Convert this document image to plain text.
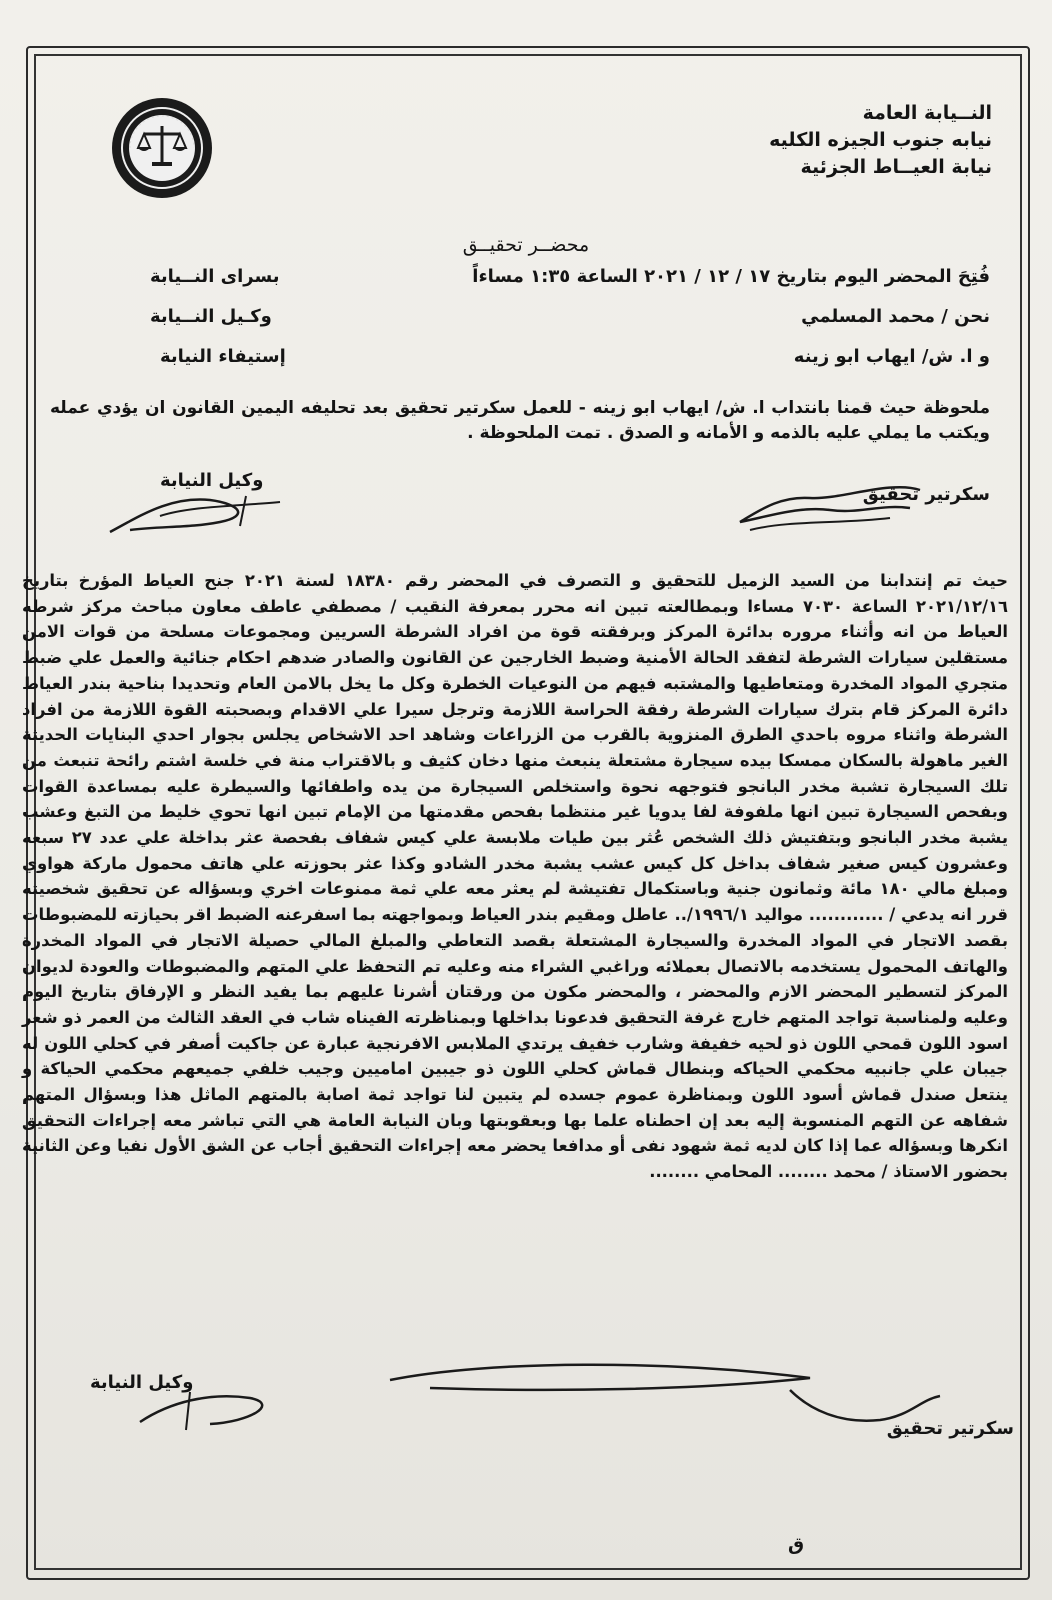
النــيابة العامة
نيابه جنوب الجيزه الكليه
نيابة العيــاط الجزئية
محضــر تحقيــق
فُتِحَ المحضر اليوم بتاريخ ١٧ / ١٢ / ٢٠٢١ الساعة ١:٣٥ مساءاً
بسراى النــيابة
نحن / محمد المسلمي
وكـيل النــيابة
و ا. ش/ ايهاب ابو زينه
إستيفاء النيابة
ملحوظة حيث قمنا بانتداب ا. ش/ ايهاب ابو زينه - للعمل سكرتير تحقيق بعد تحليفه اليمين القانون ان يؤدي عمله ويكتب ما يملي عليه بالذمه و الأمانه و الصدق . تمت الملحوظة .
سكرتير تحقيق
وكيل النيابة

حيث تم إنتدابنا من السيد الزميل للتحقيق و التصرف في المحضر رقم ١٨٣٨٠ لسنة ٢٠٢١ جنح العياط المؤرخ بتاريخ ٢٠٢١/١٢/١٦ الساعة ٧٠٣٠ مساءا وبمطالعته تبين انه محرر بمعرفة النقيب / مصطفي عاطف معاون مباحث مركز شرطه العياط من انه وأثناء مروره بدائرة المركز وبرفقته قوة من افراد الشرطة السريين ومجموعات مسلحة من قوات الامن مستقلين سيارات الشرطة لتفقد الحالة الأمنية وضبط الخارجين عن القانون والصادر ضدهم احكام جنائية والعمل علي ضبط متجري المواد المخدرة ومتعاطيها والمشتبه فيهم من النوعيات الخطرة وكل ما يخل بالامن العام وتحديدا بناحية بندر العياط دائرة المركز قام بترك سيارات الشرطة رفقة الحراسة اللازمة وترجل سيرا علي الاقدام وبصحبته القوة اللازمة من افراد الشرطة واثناء مروه باحدي الطرق المنزوية بالقرب من الزراعات وشاهد احد الاشخاص يجلس بجوار احدي البنايات الحديثة الغير ماهولة بالسكان ممسكا بيده سيجارة مشتعلة ينبعث منها دخان كثيف و بالاقتراب منة في خلسة اشتم رائحة تنبعث من تلك السيجارة تشبة مخدر البانجو فتوجهه نحوة واستخلص السيجارة من يده واطفائها والسيطرة عليه بمساعدة القوات وبفحص السيجارة تبين انها ملفوفة لفا يدويا غير منتظما بفحص مقدمتها من الإمام تبين انها تحوي خليط من التبغ وعشب يشبة مخدر البانجو وبتفتيش ذلك الشخص عُثر بين طيات ملابسة علي كيس شفاف بفحصة عثر بداخلة علي عدد ٢٧ سبعه وعشرون كيس صغير شفاف بداخل كل كيس عشب يشبة مخدر الشادو وكذا عثر بحوزته علي هاتف محمول ماركة هواوي ومبلغ مالي ١٨٠ مائة وثمانون جنية وباستكمال تفتيشة لم يعثر معه علي ثمة ممنوعات اخري وبسؤاله عن تحقيق شخصيته قرر انه يدعي / ............ مواليد ١٩٩٦/١/.. عاطل ومقيم بندر العياط وبمواجهته بما اسفرعنه الضبط اقر بحيازته للمضبوطات بقصد الاتجار في المواد المخدرة والسيجارة المشتعلة بقصد التعاطي والمبلغ المالي حصيلة الاتجار في المواد المخدرة والهاتف المحمول يستخدمه بالاتصال بعملائه وراغبي الشراء منه وعليه تم التحفظ علي المتهم والمضبوطات والعودة لديوان المركز لتسطير المحضر الازم والمحضر ، والمحضر مكون من ورقتان أشرنا عليهم بما يفيد النظر و الإرفاق بتاريخ اليوم وعليه ولمناسبة تواجد المتهم خارج غرفة التحقيق فدعونا بداخلها وبمناظرته الفيناه شاب في العقد الثالث من العمر ذو شعر اسود اللون قمحي اللون ذو لحيه خفيفة وشارب خفيف يرتدي الملابس الافرنجية عبارة عن جاكيت أصفر في كحلي اللون له جيبان علي جانبيه محكمي الحياكه وبنطال قماش كحلي اللون ذو جيبين اماميين وجيب خلفي جميعهم محكمي الحياكة و ينتعل صندل قماش أسود اللون وبمناظرة عموم جسده لم يتبين لنا تواجد ثمة اصابة بالمتهم الماثل هذا وبسؤال المتهم شفاهه عن التهم المنسوبة إليه بعد إن احطناه علما بها وبعقوبتها وبان النيابة العامة هي التي تباشر معه إجراءات التحقيق انكرها وبسؤاله عما إذا كان لديه ثمة شهود نفى أو مدافعا يحضر معه إجراءات التحقيق أجاب عن الشق الأول نفيا وعن الثانية بحضور الاستاذ / محمد ........ المحامي ........

سكرتير تحقيق
وكيل النيابة
ق
